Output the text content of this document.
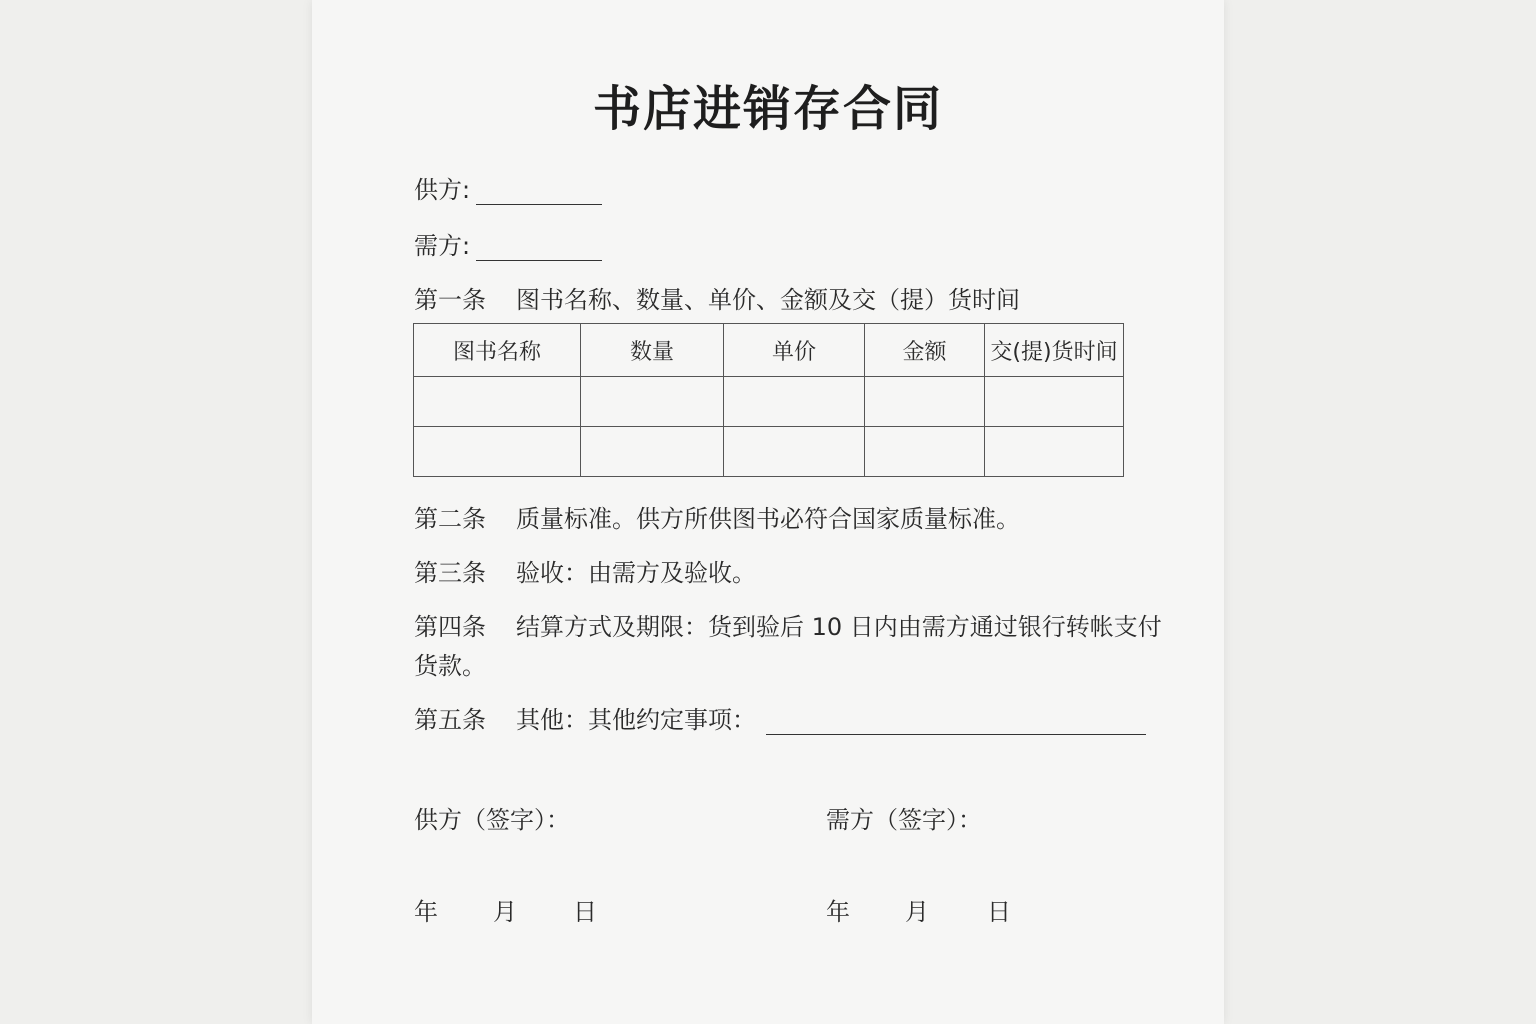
书店进销存合同
供方:
需方:
第一条 图书名称、数量、单价、金额及交（提）货时间
图书名称	数量	单价	金额	交(提)货时间

第二条 质量标准。供方所供图书必符合国家质量标准。
第三条 验收：由需方及验收。
第四条 结算方式及期限：货到验后 10 日内由需方通过银行转帐支付
货款。
第五条 其他：其他约定事项：
供方（签字）：	需方（签字）：
年 月 日	年 月 日
